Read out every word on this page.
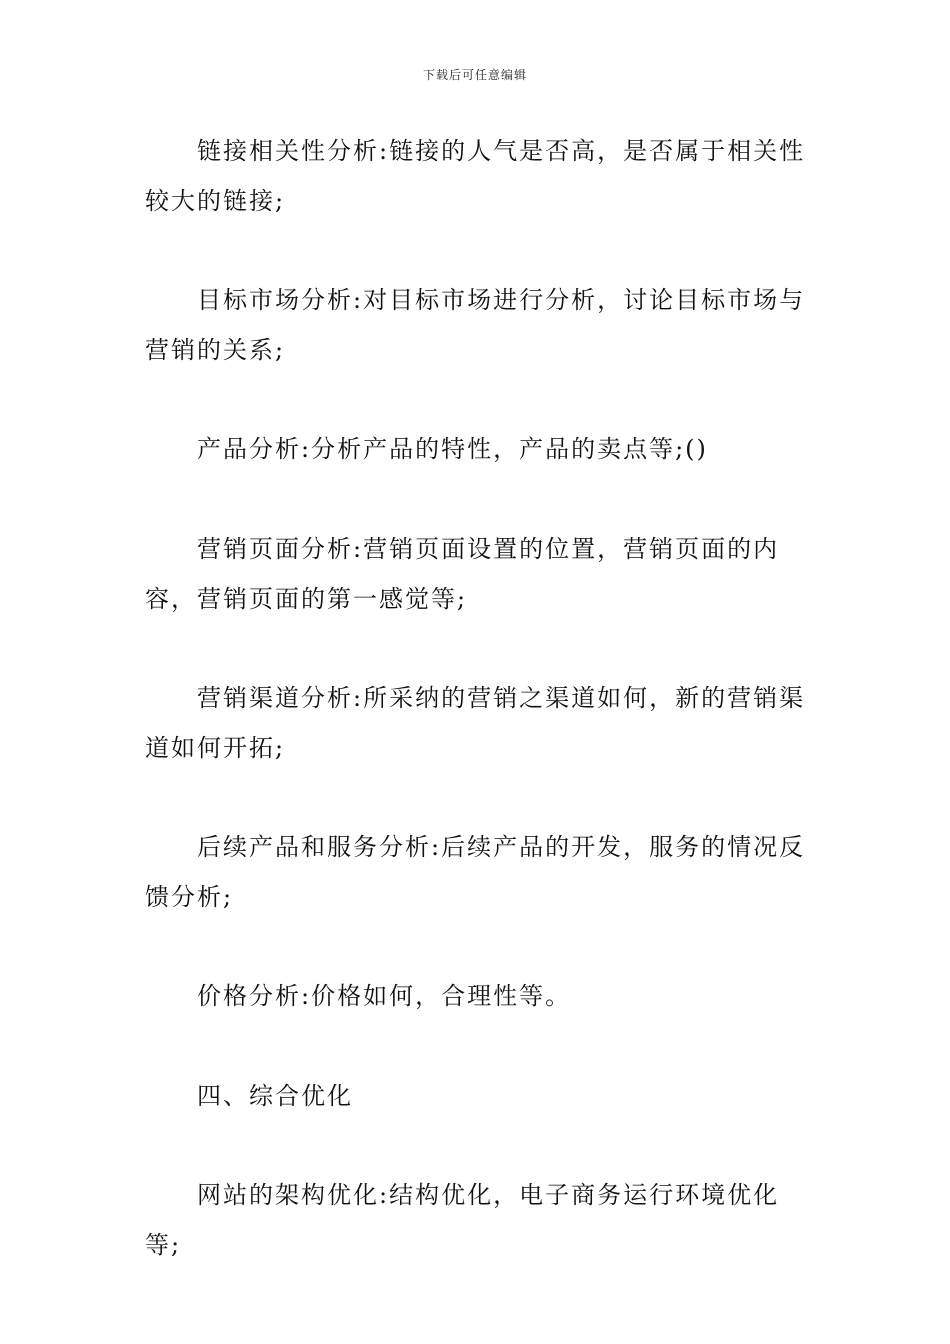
下载后可任意编辑

链接相关性分析:链接的人气是否高，是否属于相关性较大的链接;

目标市场分析:对目标市场进行分析，讨论目标市场与营销的关系;

产品分析:分析产品的特性，产品的卖点等;()

营销页面分析:营销页面设置的位置，营销页面的内容，营销页面的第一感觉等;

营销渠道分析:所采纳的营销之渠道如何，新的营销渠道如何开拓;

后续产品和服务分析:后续产品的开发，服务的情况反馈分析;

价格分析:价格如何，合理性等。

四、综合优化

网站的架构优化:结构优化，电子商务运行环境优化等;
